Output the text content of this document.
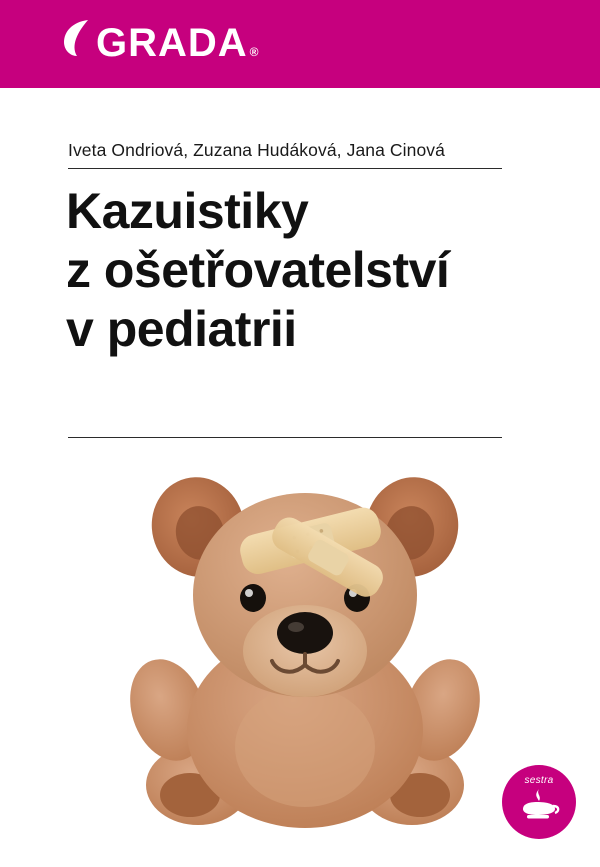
GRADA ®
Iveta Ondriová, Zuzana Hudáková, Jana Cinová
Kazuistiky
z ošetřovatelství
v pediatrii
sestra
